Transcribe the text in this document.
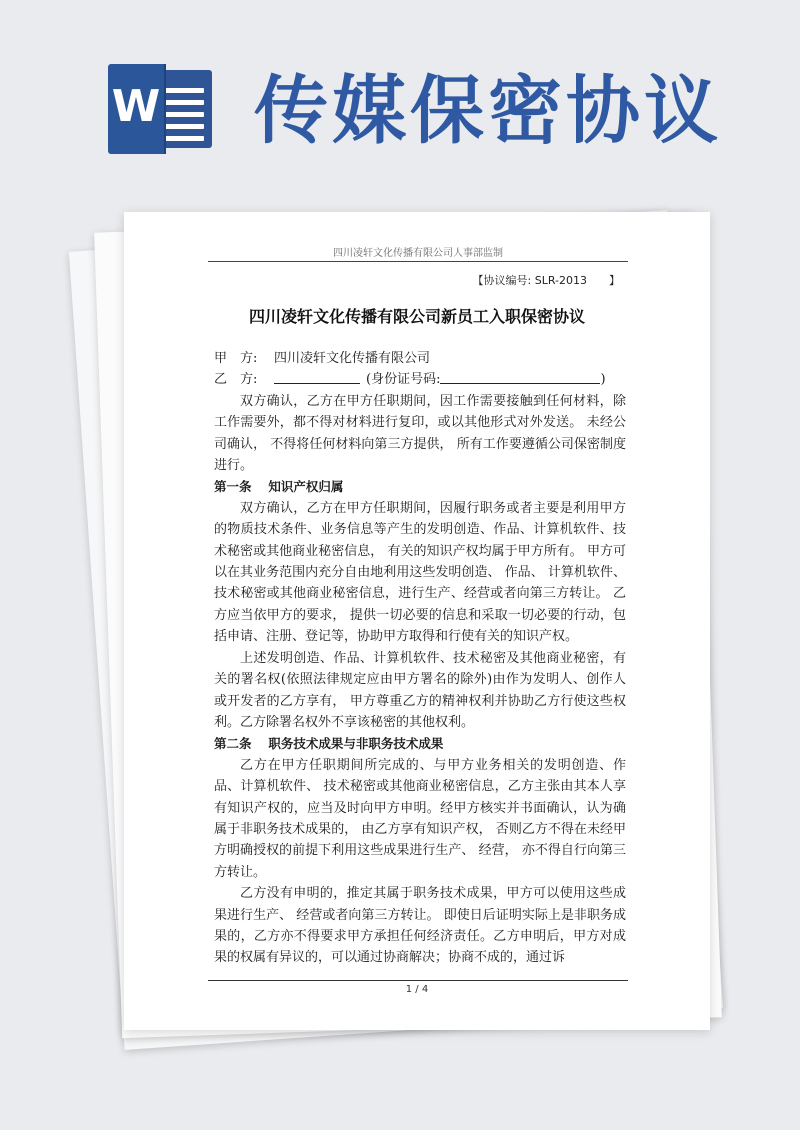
W 传媒保密协议
四川凌轩文化传播有限公司人事部监制
【协议编号: SLR-2013　　】
四川凌轩文化传播有限公司新员工入职保密协议
甲　方:	四川凌轩文化传播有限公司
乙　方:	(身份证号码:	)

双方确认，乙方在甲方任职期间，因工作需要接触到任何材料，除工作需要外，都不得对材料进行复印，或以其他形式对外发送。 未经公司确认， 不得将任何材料向第三方提供， 所有工作要遵循公司保密制度进行。

第一条　 知识产权归属

双方确认，乙方在甲方任职期间，因履行职务或者主要是利用甲方的物质技术条件、业务信息等产生的发明创造、作品、计算机软件、技术秘密或其他商业秘密信息， 有关的知识产权均属于甲方所有。 甲方可以在其业务范围内充分自由地利用这些发明创造、 作品、 计算机软件、技术秘密或其他商业秘密信息，进行生产、经营或者向第三方转让。 乙方应当依甲方的要求， 提供一切必要的信息和采取一切必要的行动，包括申请、注册、登记等，协助甲方取得和行使有关的知识产权。

上述发明创造、作品、计算机软件、技术秘密及其他商业秘密，有关的署名权(依照法律规定应由甲方署名的除外)由作为发明人、创作人或开发者的乙方享有， 甲方尊重乙方的精神权利并协助乙方行使这些权利。乙方除署名权外不享该秘密的其他权利。

第二条　 职务技术成果与非职务技术成果

乙方在甲方任职期间所完成的、与甲方业务相关的发明创造、作品、计算机软件、 技术秘密或其他商业秘密信息，乙方主张由其本人享有知识产权的，应当及时向甲方申明。经甲方核实并书面确认，认为确属于非职务技术成果的， 由乙方享有知识产权， 否则乙方不得在未经甲方明确授权的前提下利用这些成果进行生产、 经营， 亦不得自行向第三方转让。

乙方没有申明的，推定其属于职务技术成果，甲方可以使用这些成果进行生产、 经营或者向第三方转让。 即使日后证明实际上是非职务成果的，乙方亦不得要求甲方承担任何经济责任。乙方申明后，甲方对成果的权属有异议的，可以通过协商解决；协商不成的，通过诉

1 / 4
